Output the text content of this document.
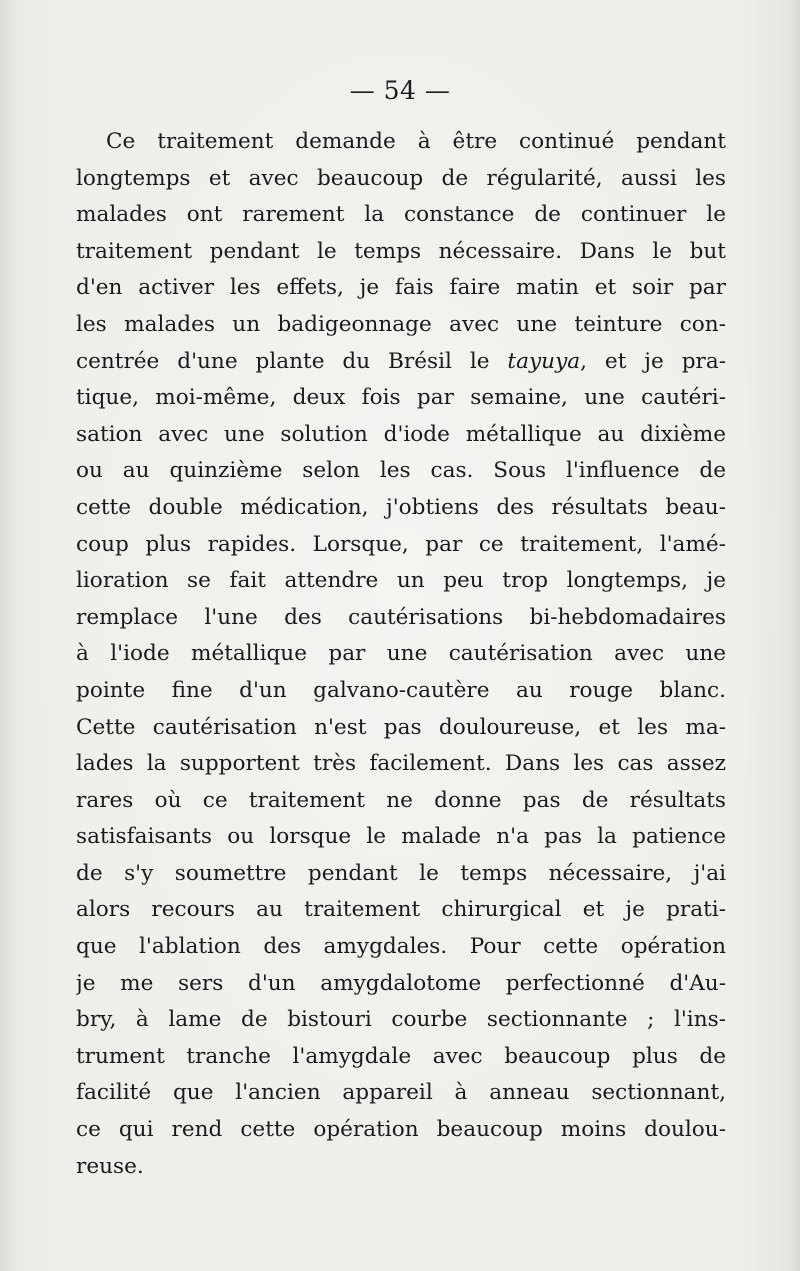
— 54 —
Ce traitement demande à être continué pendant
longtemps et avec beaucoup de régularité, aussi les
malades ont rarement la constance de continuer le
traitement pendant le temps nécessaire. Dans le but
d'en activer les effets, je fais faire matin et soir par
les malades un badigeonnage avec une teinture con-
centrée d'une plante du Brésil le tayuya, et je pra-
tique, moi-même, deux fois par semaine, une cautéri-
sation avec une solution d'iode métallique au dixième
ou au quinzième selon les cas. Sous l'influence de
cette double médication, j'obtiens des résultats beau-
coup plus rapides. Lorsque, par ce traitement, l'amé-
lioration se fait attendre un peu trop longtemps, je
remplace l'une des cautérisations bi-hebdomadaires
à l'iode métallique par une cautérisation avec une
pointe fine d'un galvano-cautère au rouge blanc.
Cette cautérisation n'est pas douloureuse, et les ma-
lades la supportent très facilement. Dans les cas assez
rares où ce traitement ne donne pas de résultats
satisfaisants ou lorsque le malade n'a pas la patience
de s'y soumettre pendant le temps nécessaire, j'ai
alors recours au traitement chirurgical et je prati-
que l'ablation des amygdales. Pour cette opération
je me sers d'un amygdalotome perfectionné d'Au-
bry, à lame de bistouri courbe sectionnante ; l'ins-
trument tranche l'amygdale avec beaucoup plus de
facilité que l'ancien appareil à anneau sectionnant,
ce qui rend cette opération beaucoup moins doulou-
reuse.
